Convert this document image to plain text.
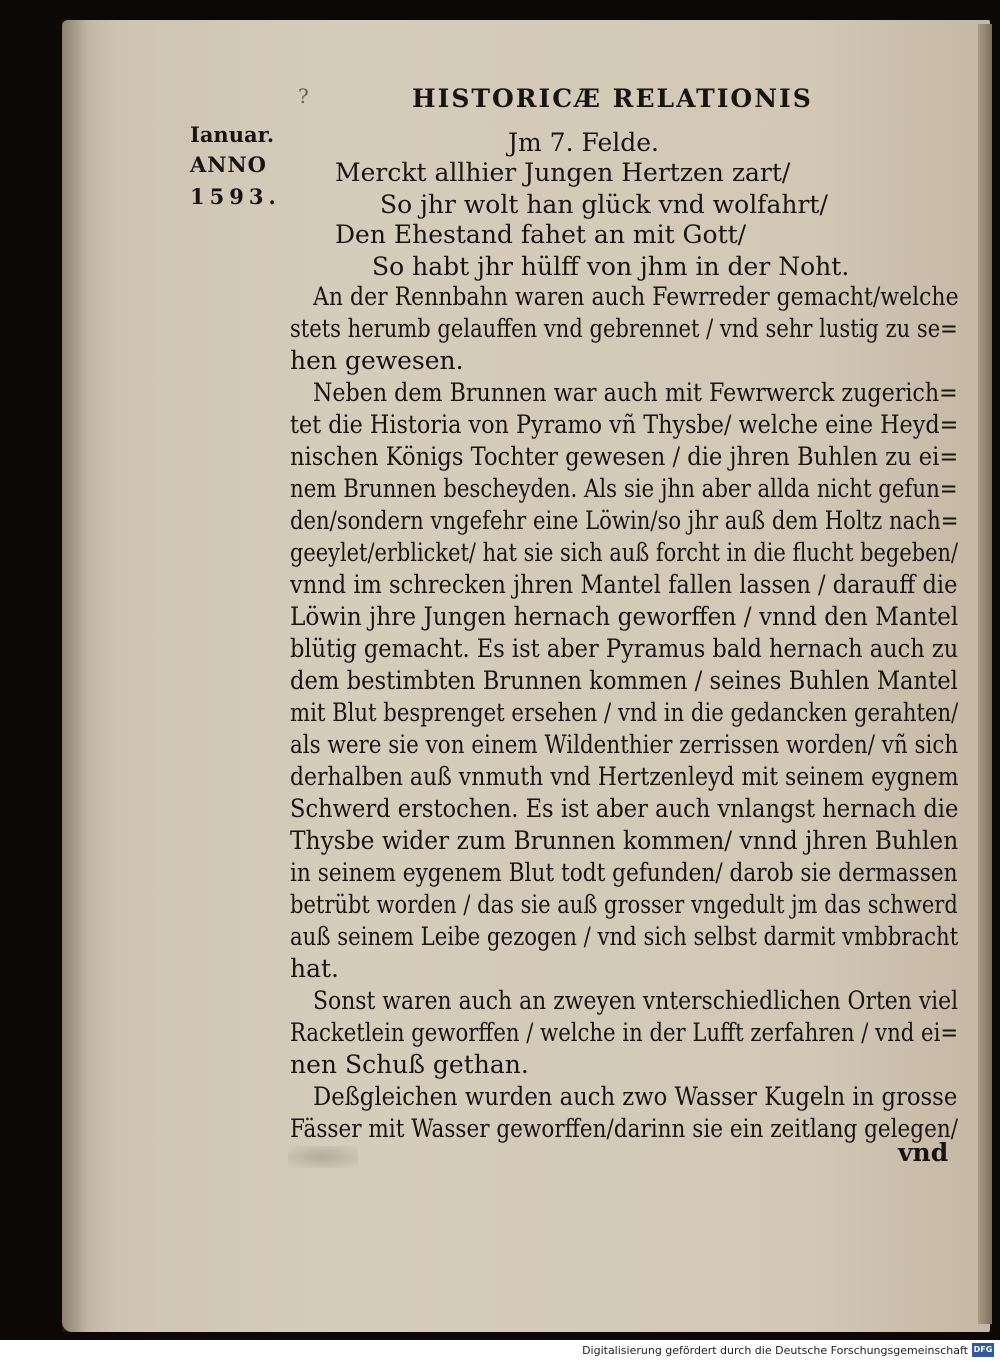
?	HISTORICÆ RELATIONIS
Ianuar.
ANNO
1593.
Jm 7. Felde.
Merckt allhier Jungen Hertzen zart/
So jhr wolt han glück vnd wolfahrt/
Den Ehestand fahet an mit Gott/
So habt jhr hülff von jhm in der Noht.
An der Rennbahn waren auch Fewrreder gemacht/welche
stets herumb gelauffen vnd gebrennet / vnd sehr lustig zu se=
hen gewesen.
Neben dem Brunnen war auch mit Fewrwerck zugerich=
tet die Historia von Pyramo vñ Thysbe/ welche eine Heyd=
nischen Königs Tochter gewesen / die jhren Buhlen zu ei=
nem Brunnen bescheyden. Als sie jhn aber allda nicht gefun=
den/sondern vngefehr eine Löwin/so jhr auß dem Holtz nach=
geeylet/erblicket/ hat sie sich auß forcht in die flucht begeben/
vnnd im schrecken jhren Mantel fallen lassen / darauff die
Löwin jhre Jungen hernach geworffen / vnnd den Mantel
blütig gemacht. Es ist aber Pyramus bald hernach auch zu
dem bestimbten Brunnen kommen / seines Buhlen Mantel
mit Blut besprenget ersehen / vnd in die gedancken gerahten/
als were sie von einem Wildenthier zerrissen worden/ vñ sich
derhalben auß vnmuth vnd Hertzenleyd mit seinem eygnem
Schwerd erstochen. Es ist aber auch vnlangst hernach die
Thysbe wider zum Brunnen kommen/ vnnd jhren Buhlen
in seinem eygenem Blut todt gefunden/ darob sie dermassen
betrübt worden / das sie auß grosser vngedult jm das schwerd
auß seinem Leibe gezogen / vnd sich selbst darmit vmbbracht
hat.
Sonst waren auch an zweyen vnterschiedlichen Orten viel
Racketlein geworffen / welche in der Lufft zerfahren / vnd ei=
nen Schuß gethan.
Deßgleichen wurden auch zwo Wasser Kugeln in grosse
Fässer mit Wasser geworffen/darinn sie ein zeitlang gelegen/
vnd
Digitalisierung gefördert durch die Deutsche Forschungsgemeinschaft DFG
